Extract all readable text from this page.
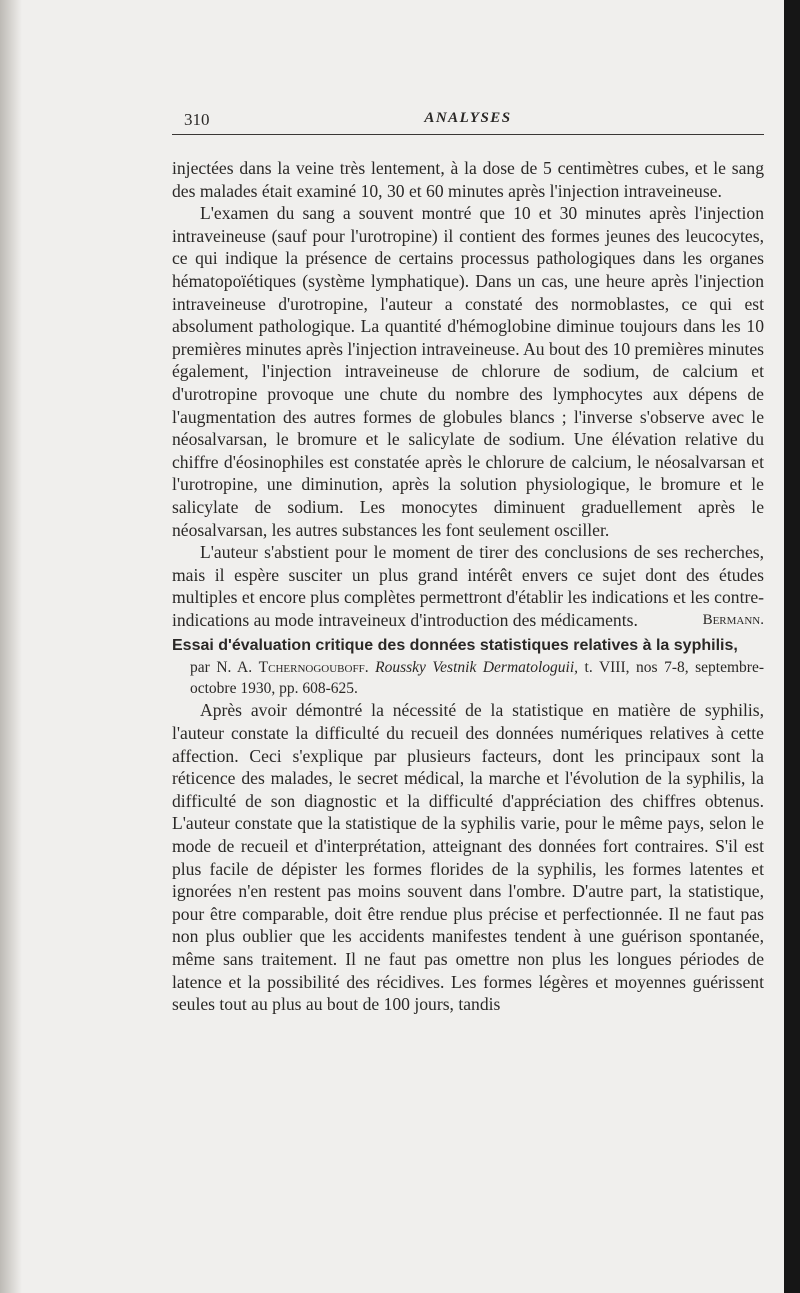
310	ANALYSES

injectées dans la veine très lentement, à la dose de 5 centimètres cubes, et le sang des malades était examiné 10, 30 et 60 minutes après l'injection intraveineuse.

L'examen du sang a souvent montré que 10 et 30 minutes après l'injection intraveineuse (sauf pour l'urotropine) il contient des formes jeunes des leucocytes, ce qui indique la présence de certains processus pathologiques dans les organes hématopoïétiques (système lymphatique). Dans un cas, une heure après l'injection intraveineuse d'urotropine, l'auteur a constaté des normoblastes, ce qui est absolument pathologique. La quantité d'hémoglobine diminue toujours dans les 10 premières minutes après l'injection intraveineuse. Au bout des 10 premières minutes également, l'injection intraveineuse de chlorure de sodium, de calcium et d'urotropine provoque une chute du nombre des lymphocytes aux dépens de l'augmentation des autres formes de globules blancs ; l'inverse s'observe avec le néosalvarsan, le bromure et le salicylate de sodium. Une élévation relative du chiffre d'éosinophiles est constatée après le chlorure de calcium, le néosalvarsan et l'urotropine, une diminution, après la solution physiologique, le bromure et le salicylate de sodium. Les monocytes diminuent graduellement après le néosalvarsan, les autres substances les font seulement osciller.

L'auteur s'abstient pour le moment de tirer des conclusions de ses recherches, mais il espère susciter un plus grand intérêt envers ce sujet dont des études multiples et encore plus complètes permettront d'établir les indications et les contre-indications au mode intraveineux d'introduction des médicaments.	Bermann.

Essai d'évaluation critique des données statistiques relatives à la syphilis,

par N. A. Tchernogouboff. Roussky Vestnik Dermatologuii, t. VIII, nos 7-8, septembre-octobre 1930, pp. 608-625.

Après avoir démontré la nécessité de la statistique en matière de syphilis, l'auteur constate la difficulté du recueil des données numériques relatives à cette affection. Ceci s'explique par plusieurs facteurs, dont les principaux sont la réticence des malades, le secret médical, la marche et l'évolution de la syphilis, la difficulté de son diagnostic et la difficulté d'appréciation des chiffres obtenus. L'auteur constate que la statistique de la syphilis varie, pour le même pays, selon le mode de recueil et d'interprétation, atteignant des données fort contraires. S'il est plus facile de dépister les formes florides de la syphilis, les formes latentes et ignorées n'en restent pas moins souvent dans l'ombre. D'autre part, la statistique, pour être comparable, doit être rendue plus précise et perfectionnée. Il ne faut pas non plus oublier que les accidents manifestes tendent à une guérison spontanée, même sans traitement. Il ne faut pas omettre non plus les longues périodes de latence et la possibilité des récidives. Les formes légères et moyennes guérissent seules tout au plus au bout de 100 jours, tandis
